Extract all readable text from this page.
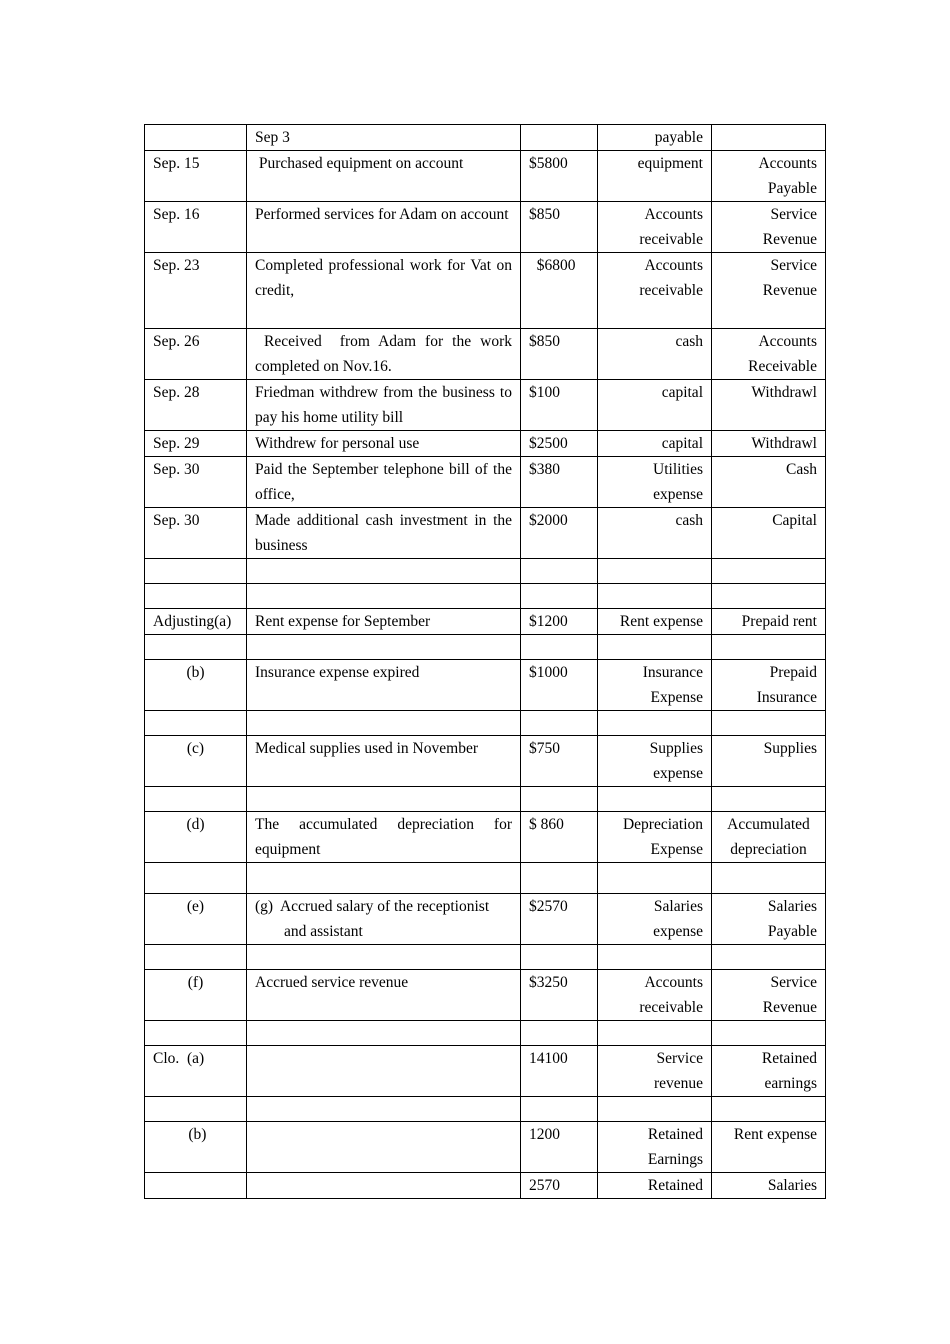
	Sep 3		payable	
Sep. 15	Purchased equipment on account	$5800	equipment	Accounts Payable
Sep. 16	Performed services for Adam on account	$850	Accounts receivable	Service Revenue
Sep. 23	Completed professional work for Vat on credit,	$6800	Accounts receivable	Service Revenue
Sep. 26	Received  from Adam for the work completed on Nov.16.	$850	cash	Accounts Receivable
Sep. 28	Friedman withdrew from the business to pay his home utility bill	$100	capital	Withdrawl
Sep. 29	Withdrew for personal use	$2500	capital	Withdrawl
Sep. 30	Paid the September telephone bill of the office,	$380	Utilities expense	Cash
Sep. 30	Made additional cash investment in the business	$2000	cash	Capital

Adjusting(a)	Rent expense for September	$1200	Rent expense	Prepaid rent

(b)	Insurance expense expired	$1000	Insurance Expense	Prepaid Insurance

(c)	Medical supplies used in November	$750	Supplies expense	Supplies

(d)	The accumulated depreciation for equipment	$ 860	Depreciation Expense	Accumulated depreciation

(e)	(g)  Accrued salary of the receptionist and assistant	$2570	Salaries expense	Salaries Payable

(f)	Accrued service revenue	$3250	Accounts receivable	Service Revenue

Clo.  (a)		14100	Service revenue	Retained earnings

(b)		1200	Retained Earnings	Rent expense
		2570	Retained	Salaries
